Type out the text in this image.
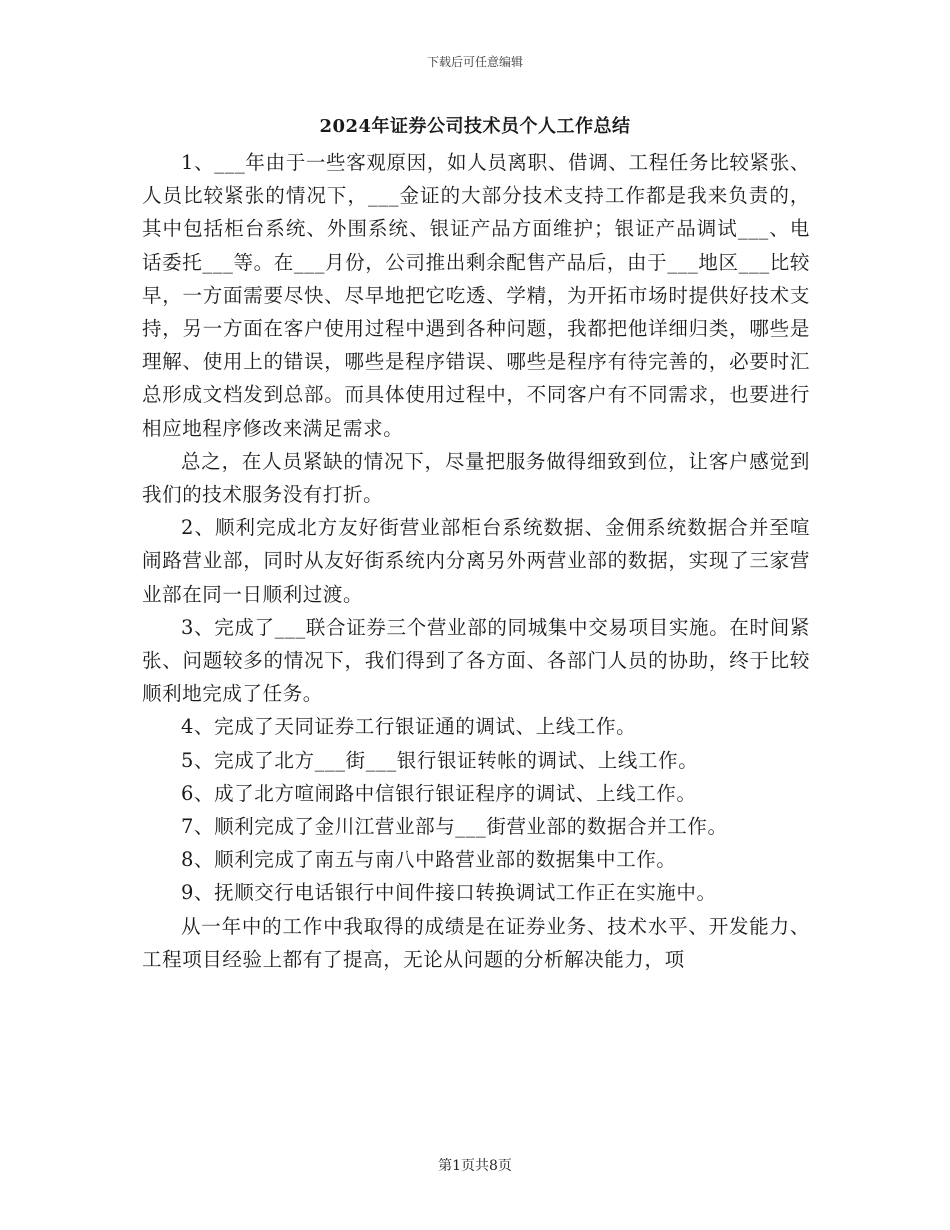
下载后可任意编辑
2024年证券公司技术员个人工作总结

1、___年由于一些客观原因，如人员离职、借调、工程任务比较紧张、人员比较紧张的情况下，___金证的大部分技术支持工作都是我来负责的，其中包括柜台系统、外围系统、银证产品方面维护；银证产品调试___、电话委托___等。在___月份，公司推出剩余配售产品后，由于___地区___比较早，一方面需要尽快、尽早地把它吃透、学精，为开拓市场时提供好技术支持，另一方面在客户使用过程中遇到各种问题，我都把他详细归类，哪些是理解、使用上的错误，哪些是程序错误、哪些是程序有待完善的，必要时汇总形成文档发到总部。而具体使用过程中，不同客户有不同需求，也要进行相应地程序修改来满足需求。

总之，在人员紧缺的情况下，尽量把服务做得细致到位，让客户感觉到我们的技术服务没有打折。

2、顺利完成北方友好街营业部柜台系统数据、金佣系统数据合并至喧闹路营业部，同时从友好街系统内分离另外两营业部的数据，实现了三家营业部在同一日顺利过渡。

3、完成了___联合证券三个营业部的同城集中交易项目实施。在时间紧张、问题较多的情况下，我们得到了各方面、各部门人员的协助，终于比较顺利地完成了任务。

4、完成了天同证券工行银证通的调试、上线工作。

5、完成了北方___街___银行银证转帐的调试、上线工作。

6、成了北方喧闹路中信银行银证程序的调试、上线工作。

7、顺利完成了金川江营业部与___街营业部的数据合并工作。

8、顺利完成了南五与南八中路营业部的数据集中工作。

9、抚顺交行电话银行中间件接口转换调试工作正在实施中。

从一年中的工作中我取得的成绩是在证券业务、技术水平、开发能力、工程项目经验上都有了提高，无论从问题的分析解决能力，项

第1页共8页
